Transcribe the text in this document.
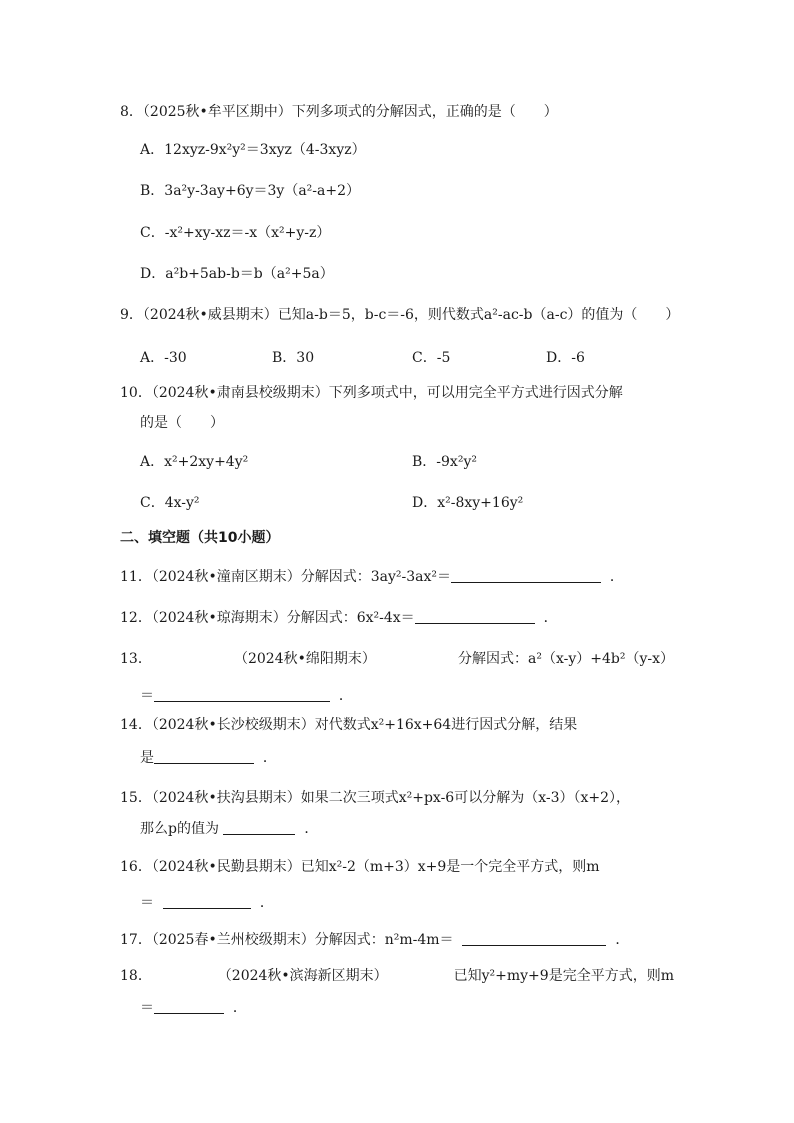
8．（2025秋•牟平区期中）下列多项式的分解因式，正确的是（　　）
A．12xyz-9x²y²＝3xyz（4-3xyz）
B．3a²y-3ay+6y＝3y（a²-a+2）
C．-x²+xy-xz＝-x（x²+y-z）
D．a²b+5ab-b＝b（a²+5a）
9．（2024秋•威县期末）已知a-b＝5，b-c＝-6，则代数式a²-ac-b（a-c）的值为（　　）
A．-30	B．30	C．-5	D．-6
10．（2024秋•肃南县校级期末）下列多项式中，可以用完全平方式进行因式分解
的是（　　）
A．x²+2xy+4y²	B．-9x²y²
C．4x-y²	D．x²-8xy+16y²
二、填空题（共10小题）
11．（2024秋•潼南区期末）分解因式：3ay²-3ax²＝	．
12．（2024秋•琼海期末）分解因式：6x²-4x＝	．
13．	（2024秋•绵阳期末）	分解因式：a²（x-y）+4b²（y-x）
＝	．
14．（2024秋•长沙校级期末）对代数式x²+16x+64进行因式分解，结果
是	．
15．（2024秋•扶沟县期末）如果二次三项式x²+px-6可以分解为（x-3）（x+2），
那么p的值为	．
16．（2024秋•民勤县期末）已知x²-2（m+3）x+9是一个完全平方式，则m
＝	．
17．（2025春•兰州校级期末）分解因式：n²m-4m＝	．
18．	（2024秋•滨海新区期末）	已知y²+my+9是完全平方式，则m
＝	．
